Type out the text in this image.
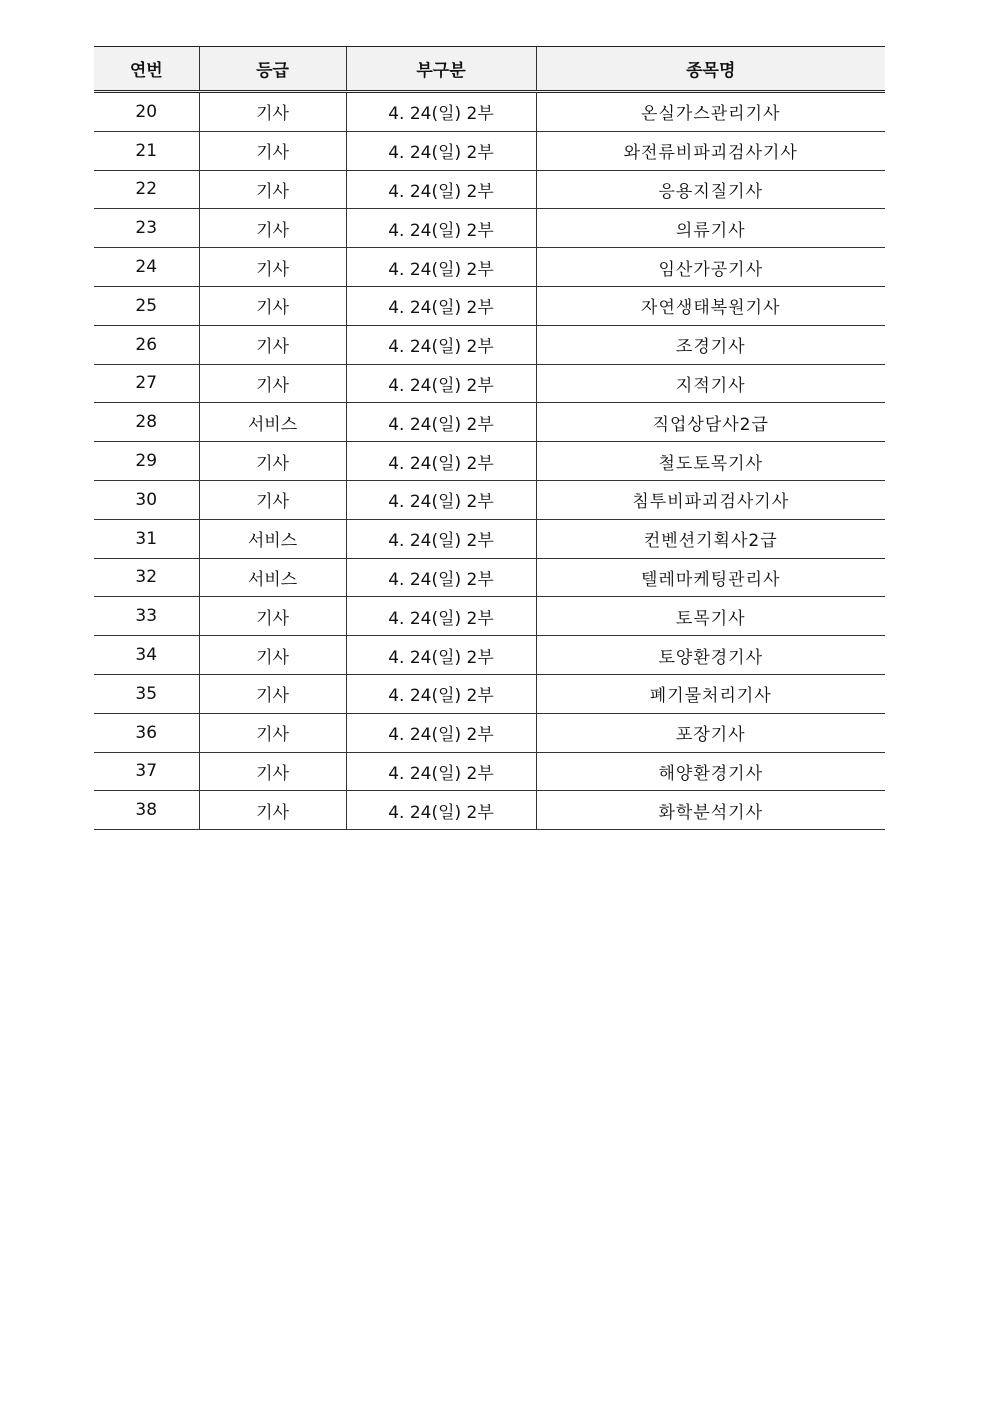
연번	등급	부구분	종목명
20	기사	4. 24(일) 2부	온실가스관리기사
21	기사	4. 24(일) 2부	와전류비파괴검사기사
22	기사	4. 24(일) 2부	응용지질기사
23	기사	4. 24(일) 2부	의류기사
24	기사	4. 24(일) 2부	임산가공기사
25	기사	4. 24(일) 2부	자연생태복원기사
26	기사	4. 24(일) 2부	조경기사
27	기사	4. 24(일) 2부	지적기사
28	서비스	4. 24(일) 2부	직업상담사2급
29	기사	4. 24(일) 2부	철도토목기사
30	기사	4. 24(일) 2부	침투비파괴검사기사
31	서비스	4. 24(일) 2부	컨벤션기획사2급
32	서비스	4. 24(일) 2부	텔레마케팅관리사
33	기사	4. 24(일) 2부	토목기사
34	기사	4. 24(일) 2부	토양환경기사
35	기사	4. 24(일) 2부	폐기물처리기사
36	기사	4. 24(일) 2부	포장기사
37	기사	4. 24(일) 2부	해양환경기사
38	기사	4. 24(일) 2부	화학분석기사
